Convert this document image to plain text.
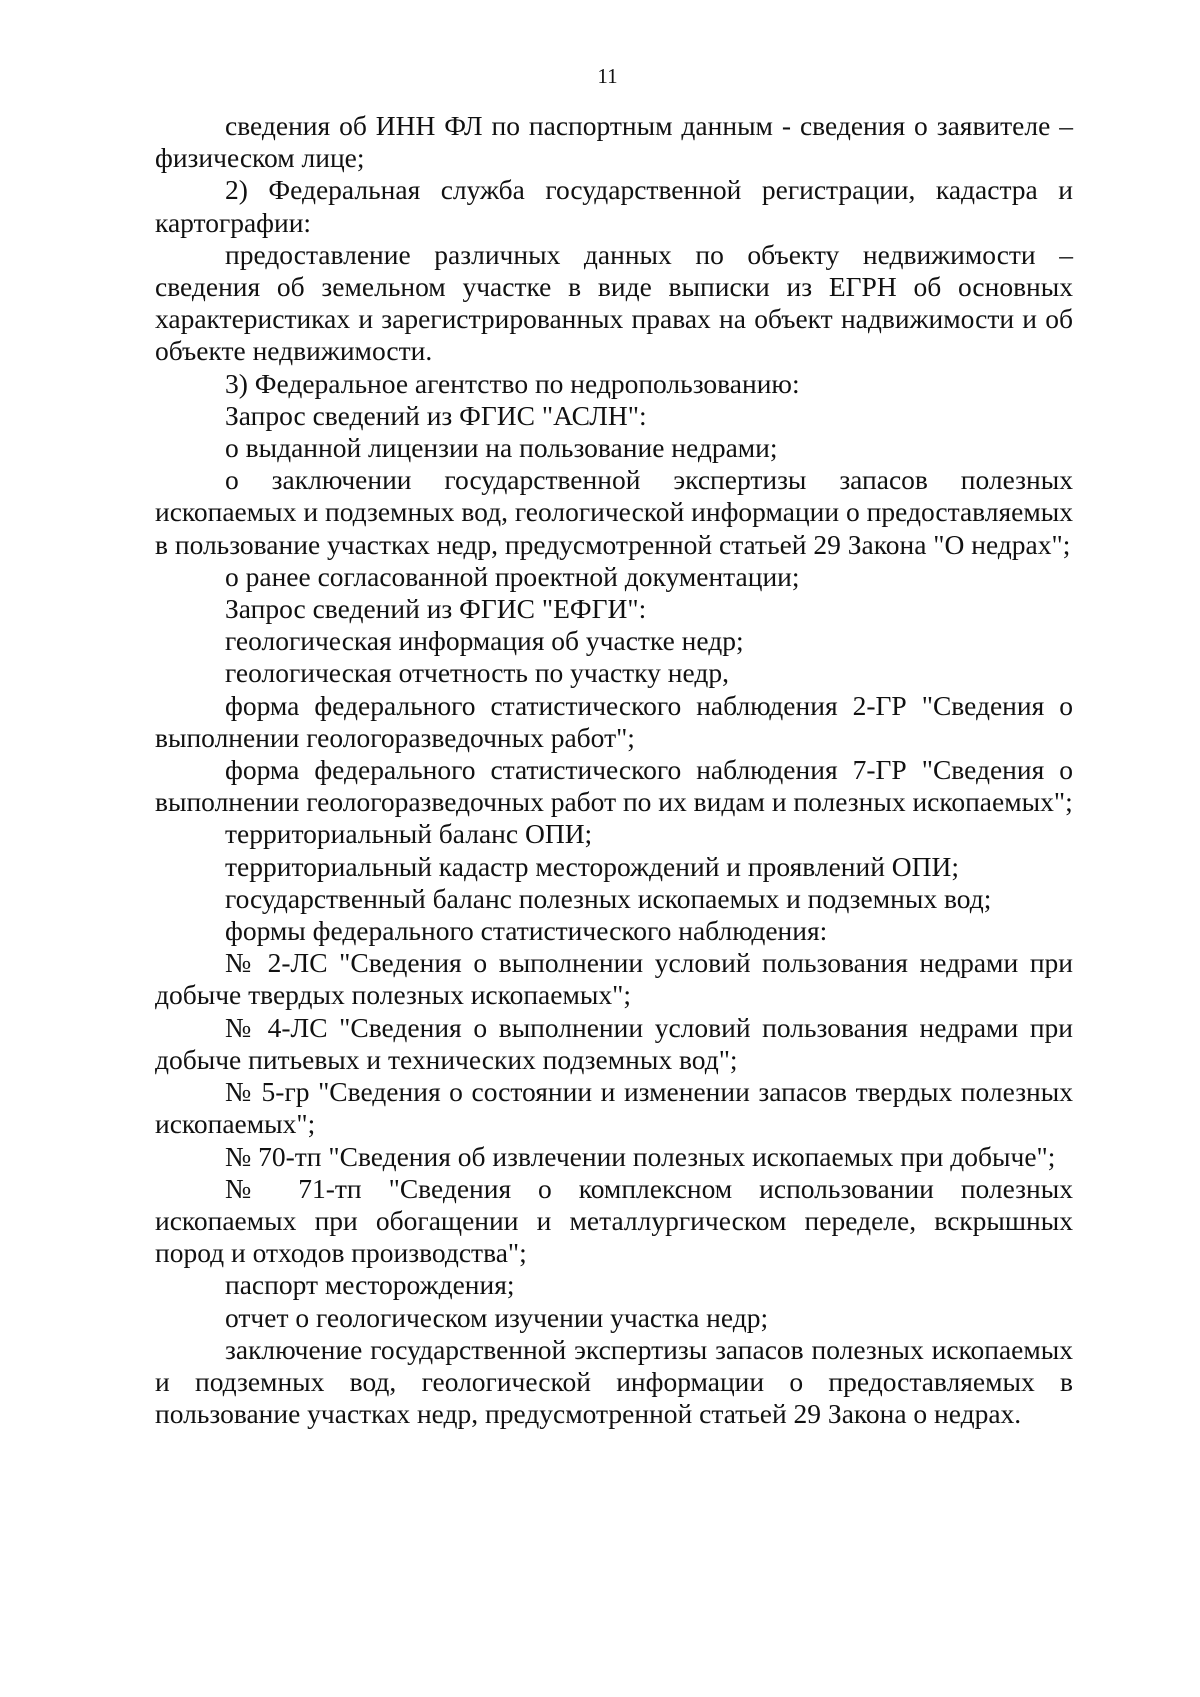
11

сведения об ИНН ФЛ по паспортным данным - сведения о заявителе – физическом лице;

2) Федеральная служба государственной регистрации, кадастра и картографии:

предоставление различных данных по объекту недвижимости – сведения об земельном участке в виде выписки из ЕГРН об основных характеристиках и зарегистрированных правах на объект надвижимости и об объекте недвижимости.

3) Федеральное агентство по недропользованию:

Запрос сведений из ФГИС "АСЛН":

о выданной лицензии на пользование недрами;

о заключении государственной экспертизы запасов полезных ископаемых и подземных вод, геологической информации о предоставляемых в пользование участках недр, предусмотренной статьей 29 Закона "О недрах";

о ранее согласованной проектной документации;

Запрос сведений из ФГИС "ЕФГИ":

геологическая информация об участке недр;

геологическая отчетность по участку недр,

форма федерального статистического наблюдения 2-ГР "Сведения о выполнении геологоразведочных работ";

форма федерального статистического наблюдения 7-ГР "Сведения о выполнении геологоразведочных работ по их видам и полезных ископаемых";

территориальный баланс ОПИ;

территориальный кадастр месторождений и проявлений ОПИ;

государственный баланс полезных ископаемых и подземных вод;

формы федерального статистического наблюдения:

№ 2-ЛС "Сведения о выполнении условий пользования недрами при добыче твердых полезных ископаемых";

№ 4-ЛС "Сведения о выполнении условий пользования недрами при добыче питьевых и технических подземных вод";

№ 5-гр "Сведения о состоянии и изменении запасов твердых полезных ископаемых";

№ 70-тп "Сведения об извлечении полезных ископаемых при добыче";

№ 71-тп "Сведения о комплексном использовании полезных ископаемых при обогащении и металлургическом переделе, вскрышных пород и отходов производства";

паспорт месторождения;

отчет о геологическом изучении участка недр;

заключение государственной экспертизы запасов полезных ископаемых и подземных вод, геологической информации о предоставляемых в пользование участках недр, предусмотренной статьей 29 Закона о недрах.
